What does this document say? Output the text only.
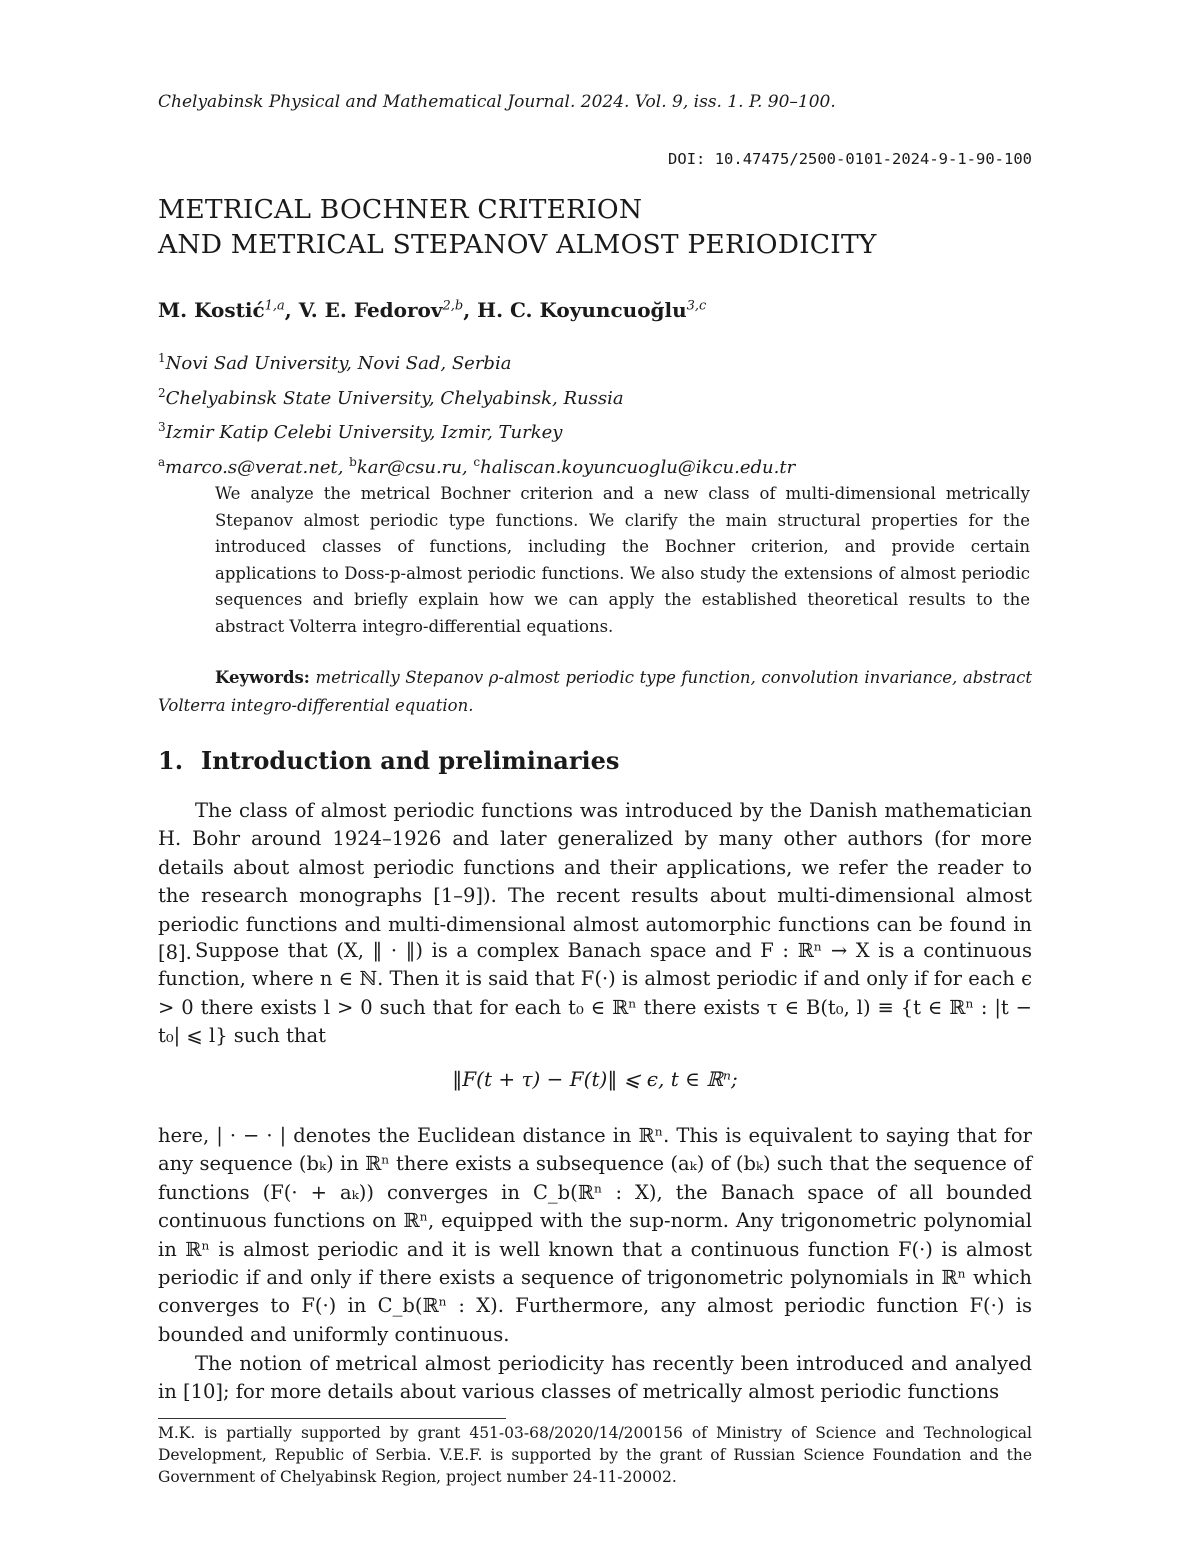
Chelyabinsk Physical and Mathematical Journal. 2024. Vol. 9, iss. 1. P. 90–100.
DOI: 10.47475/2500-0101-2024-9-1-90-100
METRICAL BOCHNER CRITERION
AND METRICAL STEPANOV ALMOST PERIODICITY
M. Kostić1,a, V. E. Fedorov2,b, H. C. Koyuncuoğlu3,c
1Novi Sad University, Novi Sad, Serbia
2Chelyabinsk State University, Chelyabinsk, Russia
3Izmir Katip Celebi University, Izmir, Turkey
amarco.s@verat.net, bkar@csu.ru, chaliscan.koyuncuoglu@ikcu.edu.tr
We analyze the metrical Bochner criterion and a new class of multi-dimensional metrically Stepanov almost periodic type functions. We clarify the main structural properties for the introduced classes of functions, including the Bochner criterion, and provide certain applications to Doss-p-almost periodic functions. We also study the extensions of almost periodic sequences and briefly explain how we can apply the established theoretical results to the abstract Volterra integro-differential equations.
Keywords: metrically Stepanov ρ-almost periodic type function, convolution invariance, abstract Volterra integro-differential equation.
1. Introduction and preliminaries
The class of almost periodic functions was introduced by the Danish mathematician H. Bohr around 1924–1926 and later generalized by many other authors (for more details about almost periodic functions and their applications, we refer the reader to the research monographs [1–9]). The recent results about multi-dimensional almost periodic functions and multi-dimensional almost automorphic functions can be found in [8]. Suppose that (X, ‖ · ‖) is a complex Banach space and F : ℝⁿ → X is a continuous function, where n ∈ ℕ. Then it is said that F(·) is almost periodic if and only if for each ϵ > 0 there exists l > 0 such that for each t₀ ∈ ℝⁿ there exists τ ∈ B(t₀, l) ≡ {t ∈ ℝⁿ : |t − t₀| ⩽ l} such that
‖F(t + τ) − F(t)‖ ⩽ ϵ, t ∈ ℝⁿ;
here, | · − · | denotes the Euclidean distance in ℝⁿ. This is equivalent to saying that for any sequence (bₖ) in ℝⁿ there exists a subsequence (aₖ) of (bₖ) such that the sequence of functions (F(· + aₖ)) converges in C_b(ℝⁿ : X), the Banach space of all bounded continuous functions on ℝⁿ, equipped with the sup-norm. Any trigonometric polynomial in ℝⁿ is almost periodic and it is well known that a continuous function F(·) is almost periodic if and only if there exists a sequence of trigonometric polynomials in ℝⁿ which converges to F(·) in C_b(ℝⁿ : X). Furthermore, any almost periodic function F(·) is bounded and uniformly continuous.
The notion of metrical almost periodicity has recently been introduced and analyed in [10]; for more details about various classes of metrically almost periodic functions
M.K. is partially supported by grant 451-03-68/2020/14/200156 of Ministry of Science and Technological Development, Republic of Serbia. V.E.F. is supported by the grant of Russian Science Foundation and the Government of Chelyabinsk Region, project number 24-11-20002.
